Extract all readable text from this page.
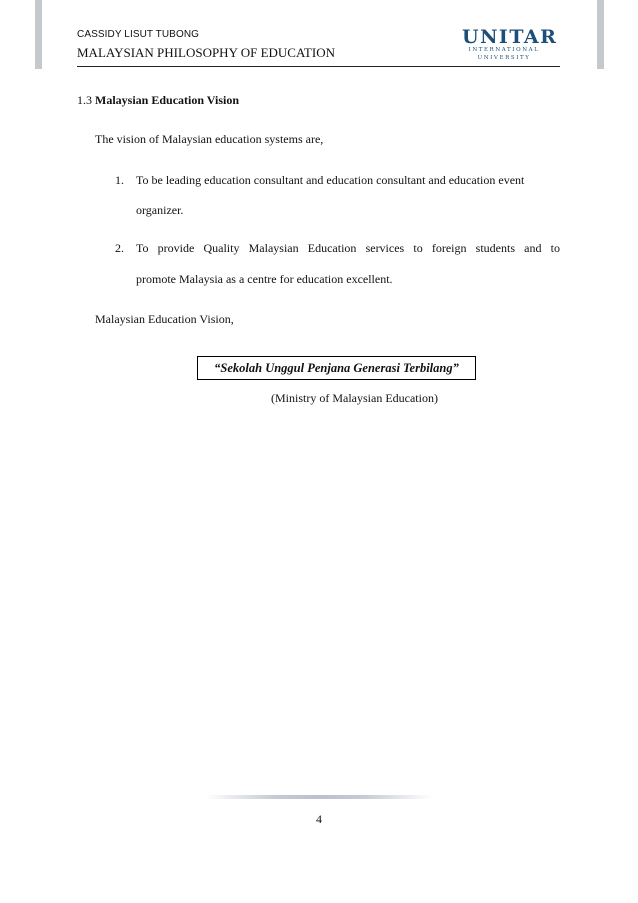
CASSIDY LISUT TUBONG
MALAYSIAN PHILOSOPHY OF EDUCATION
UNITAR
INTERNATIONAL
UNIVERSITY
1.3 Malaysian Education Vision
The vision of Malaysian education systems are,
1. To be leading education consultant and education consultant and education event
organizer.
2. To provide Quality Malaysian Education services to foreign students and to
promote Malaysia as a centre for education excellent.
Malaysian Education Vision,
“Sekolah Unggul Penjana Generasi Terbilang”
(Ministry of Malaysian Education)
4
